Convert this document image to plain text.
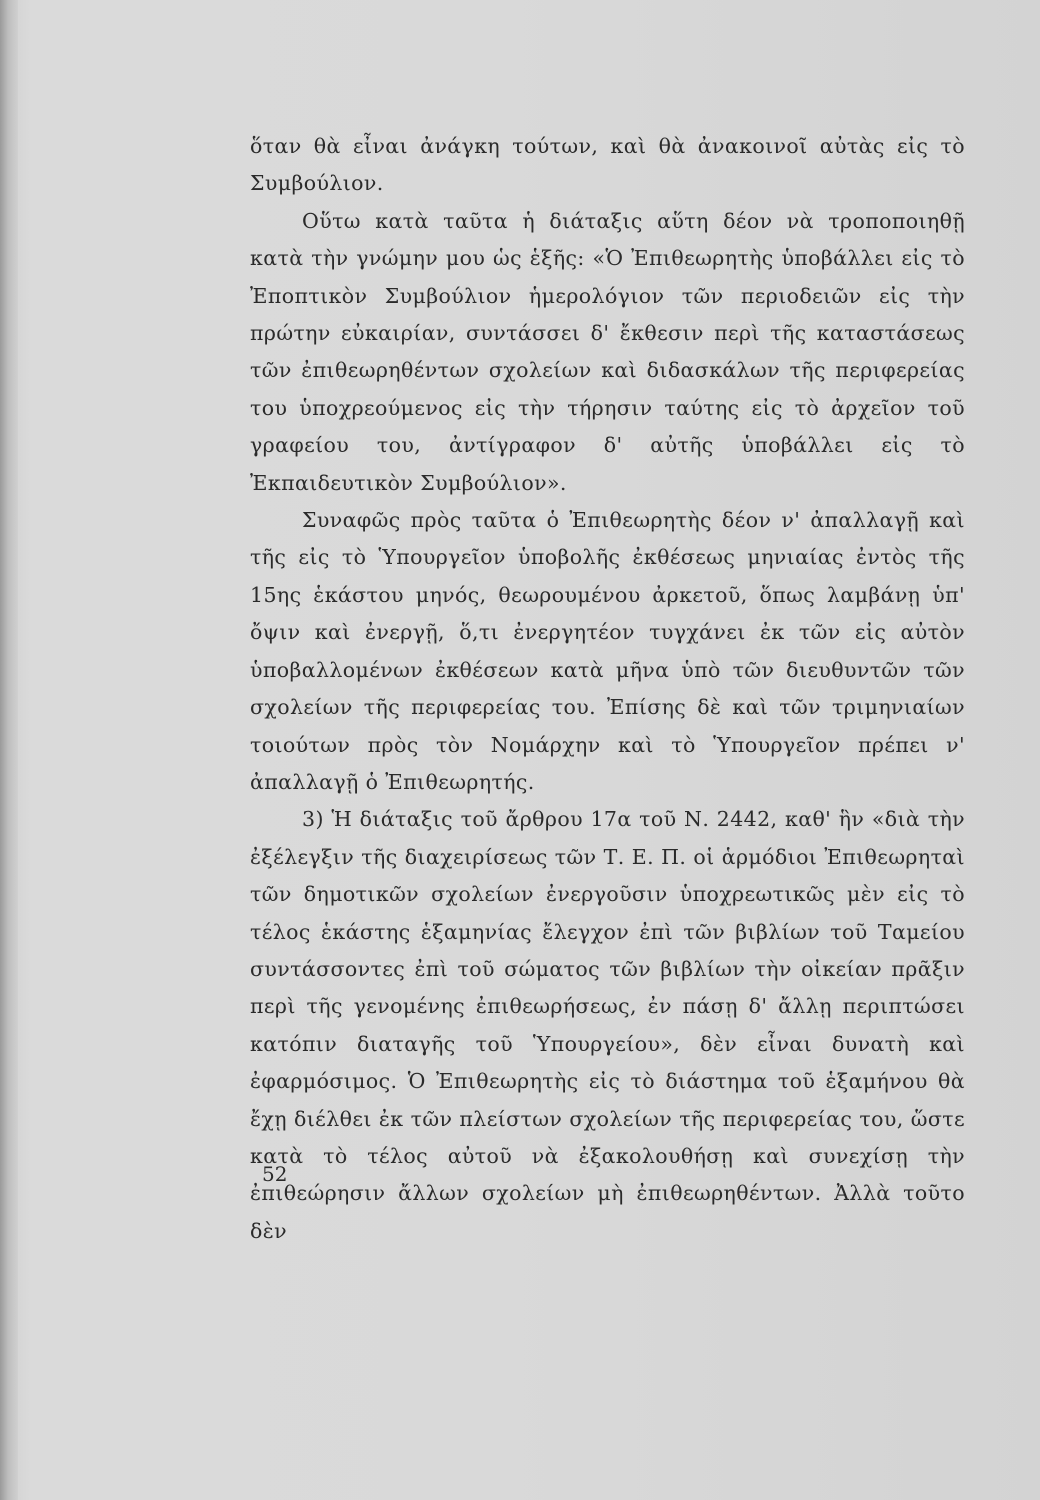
ὅταν θὰ εἶναι ἀνάγκη τούτων, καὶ θὰ ἀνακοινοῖ αὐτὰς εἰς τὸ Συμβούλιον.

Οὕτω κατὰ ταῦτα ἡ διάταξις αὕτη δέον νὰ τροποποιηθῇ κατὰ τὴν γνώμην μου ὡς ἑξῆς: «Ὁ Ἐπιθεωρητὴς ὑποβάλλει εἰς τὸ Ἐποπτικὸν Συμβούλιον ἡμερολόγιον τῶν περιοδειῶν εἰς τὴν πρώτην εὐκαιρίαν, συντάσσει δ' ἔκθεσιν περὶ τῆς καταστάσεως τῶν ἐπιθεωρηθέντων σχολείων καὶ διδασκάλων τῆς περιφερείας του ὑποχρεούμενος εἰς τὴν τήρησιν ταύτης εἰς τὸ ἀρχεῖον τοῦ γραφείου του, ἀντίγραφον δ' αὐτῆς ὑποβάλλει εἰς τὸ Ἐκπαιδευτικὸν Συμβούλιον».

Συναφῶς πρὸς ταῦτα ὁ Ἐπιθεωρητὴς δέον ν' ἀπαλλαγῇ καὶ τῆς εἰς τὸ Ὑπουργεῖον ὑποβολῆς ἐκθέσεως μηνιαίας ἐντὸς τῆς 15ης ἑκάστου μηνός, θεωρουμένου ἀρκετοῦ, ὅπως λαμβάνῃ ὑπ' ὄψιν καὶ ἐνεργῇ, ὅ,τι ἐνεργητέον τυγχάνει ἐκ τῶν εἰς αὐτὸν ὑποβαλλομένων ἐκθέσεων κατὰ μῆνα ὑπὸ τῶν διευθυντῶν τῶν σχολείων τῆς περιφερείας του. Ἐπίσης δὲ καὶ τῶν τριμηνιαίων τοιούτων πρὸς τὸν Νομάρχην καὶ τὸ Ὑπουργεῖον πρέπει ν' ἀπαλλαγῇ ὁ Ἐπιθεωρητής.

3) Ἡ διάταξις τοῦ ἄρθρου 17α τοῦ Ν. 2442, καθ' ἣν «διὰ τὴν ἐξέλεγξιν τῆς διαχειρίσεως τῶν Τ. Ε. Π. οἱ ἁρμόδιοι Ἐπιθεωρηταὶ τῶν δημοτικῶν σχολείων ἐνεργοῦσιν ὑποχρεωτικῶς μὲν εἰς τὸ τέλος ἑκάστης ἑξαμηνίας ἔλεγχον ἐπὶ τῶν βιβλίων τοῦ Ταμείου συντάσσοντες ἐπὶ τοῦ σώματος τῶν βιβλίων τὴν οἰκείαν πρᾶξιν περὶ τῆς γενομένης ἐπιθεωρήσεως, ἐν πάσῃ δ' ἄλλῃ περιπτώσει κατόπιν διαταγῆς τοῦ Ὑπουργείου», δὲν εἶναι δυνατὴ καὶ ἐφαρμόσιμος. Ὁ Ἐπιθεωρητὴς εἰς τὸ διάστημα τοῦ ἑξαμήνου θὰ ἔχῃ διέλθει ἐκ τῶν πλείστων σχολείων τῆς περιφερείας του, ὥστε κατὰ τὸ τέλος αὐτοῦ νὰ ἐξακολουθήσῃ καὶ συνεχίσῃ τὴν ἐπιθεώρησιν ἄλλων σχολείων μὴ ἐπιθεωρηθέντων. Ἀλλὰ τοῦτο δὲν

52
